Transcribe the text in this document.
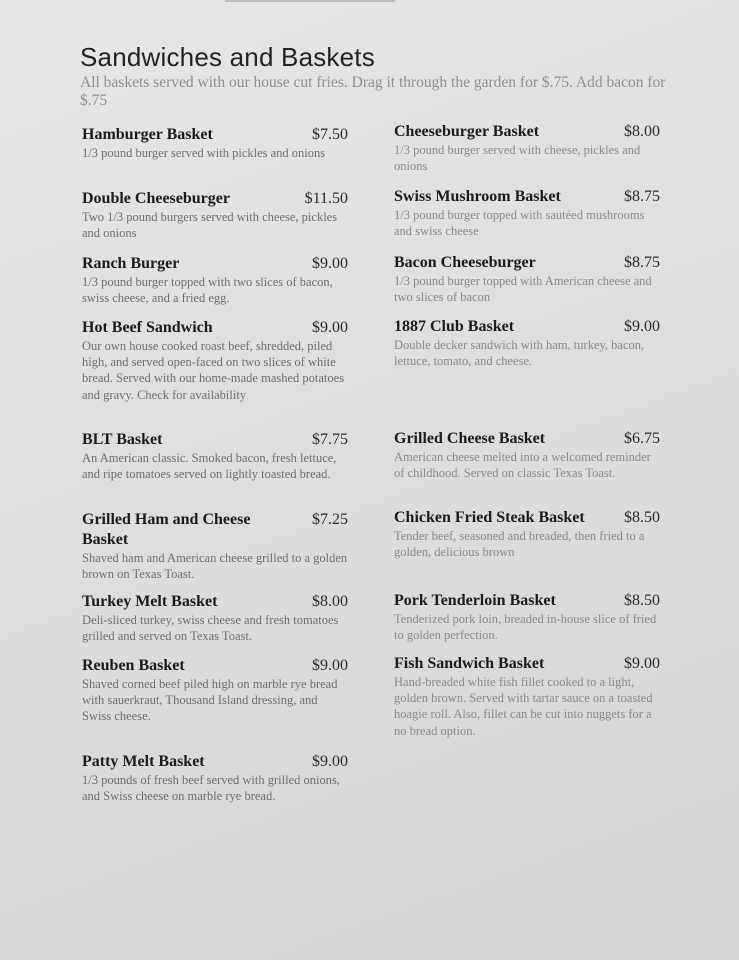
Sandwiches and Baskets
All baskets served with our house cut fries. Drag it through the garden for $.75. Add bacon for $.75
Hamburger Basket	$7.50
1/3 pound burger served with pickles and onions
Double Cheeseburger	$11.50
Two 1/3 pound burgers served with cheese, pickles and onions
Ranch Burger	$9.00
1/3 pound burger topped with two slices of bacon, swiss cheese, and a fried egg.
Hot Beef Sandwich	$9.00
Our own house cooked roast beef, shredded, piled high, and served open-faced on two slices of white bread. Served with our home-made mashed potatoes and gravy. Check for availability
BLT Basket	$7.75
An American classic. Smoked bacon, fresh lettuce, and ripe tomatoes served on lightly toasted bread.
Grilled Ham and Cheese Basket
$7.25
Shaved ham and American cheese grilled to a golden brown on Texas Toast.
Turkey Melt Basket	$8.00
Deli-sliced turkey, swiss cheese and fresh tomatoes grilled and served on Texas Toast.
Reuben Basket	$9.00
Shaved corned beef piled high on marble rye bread with sauerkraut, Thousand Island dressing, and Swiss cheese.
Patty Melt Basket	$9.00
1/3 pounds of fresh beef served with grilled onions, and Swiss cheese on marble rye bread.
Cheeseburger Basket	$8.00
1/3 pound burger served with cheese, pickles and onions
Swiss Mushroom Basket	$8.75
1/3 pound burger topped with sautéed mushrooms and swiss cheese
Bacon Cheeseburger	$8.75
1/3 pound burger topped with American cheese and two slices of bacon
1887 Club Basket	$9.00
Double decker sandwich with ham, turkey, bacon, lettuce, tomato, and cheese.
Grilled Cheese Basket	$6.75
American cheese melted into a welcomed reminder of childhood. Served on classic Texas Toast.
Chicken Fried Steak Basket	$8.50
Tender beef, seasoned and breaded, then fried to a golden, delicious brown
Pork Tenderloin Basket	$8.50
Tenderized pork loin, breaded in-house slice of fried to golden perfection.
Fish Sandwich Basket	$9.00
Hand-breaded white fish fillet cooked to a light, golden brown. Served with tartar sauce on a toasted hoagie roll. Also, fillet can be cut into nuggets for a no bread option.
